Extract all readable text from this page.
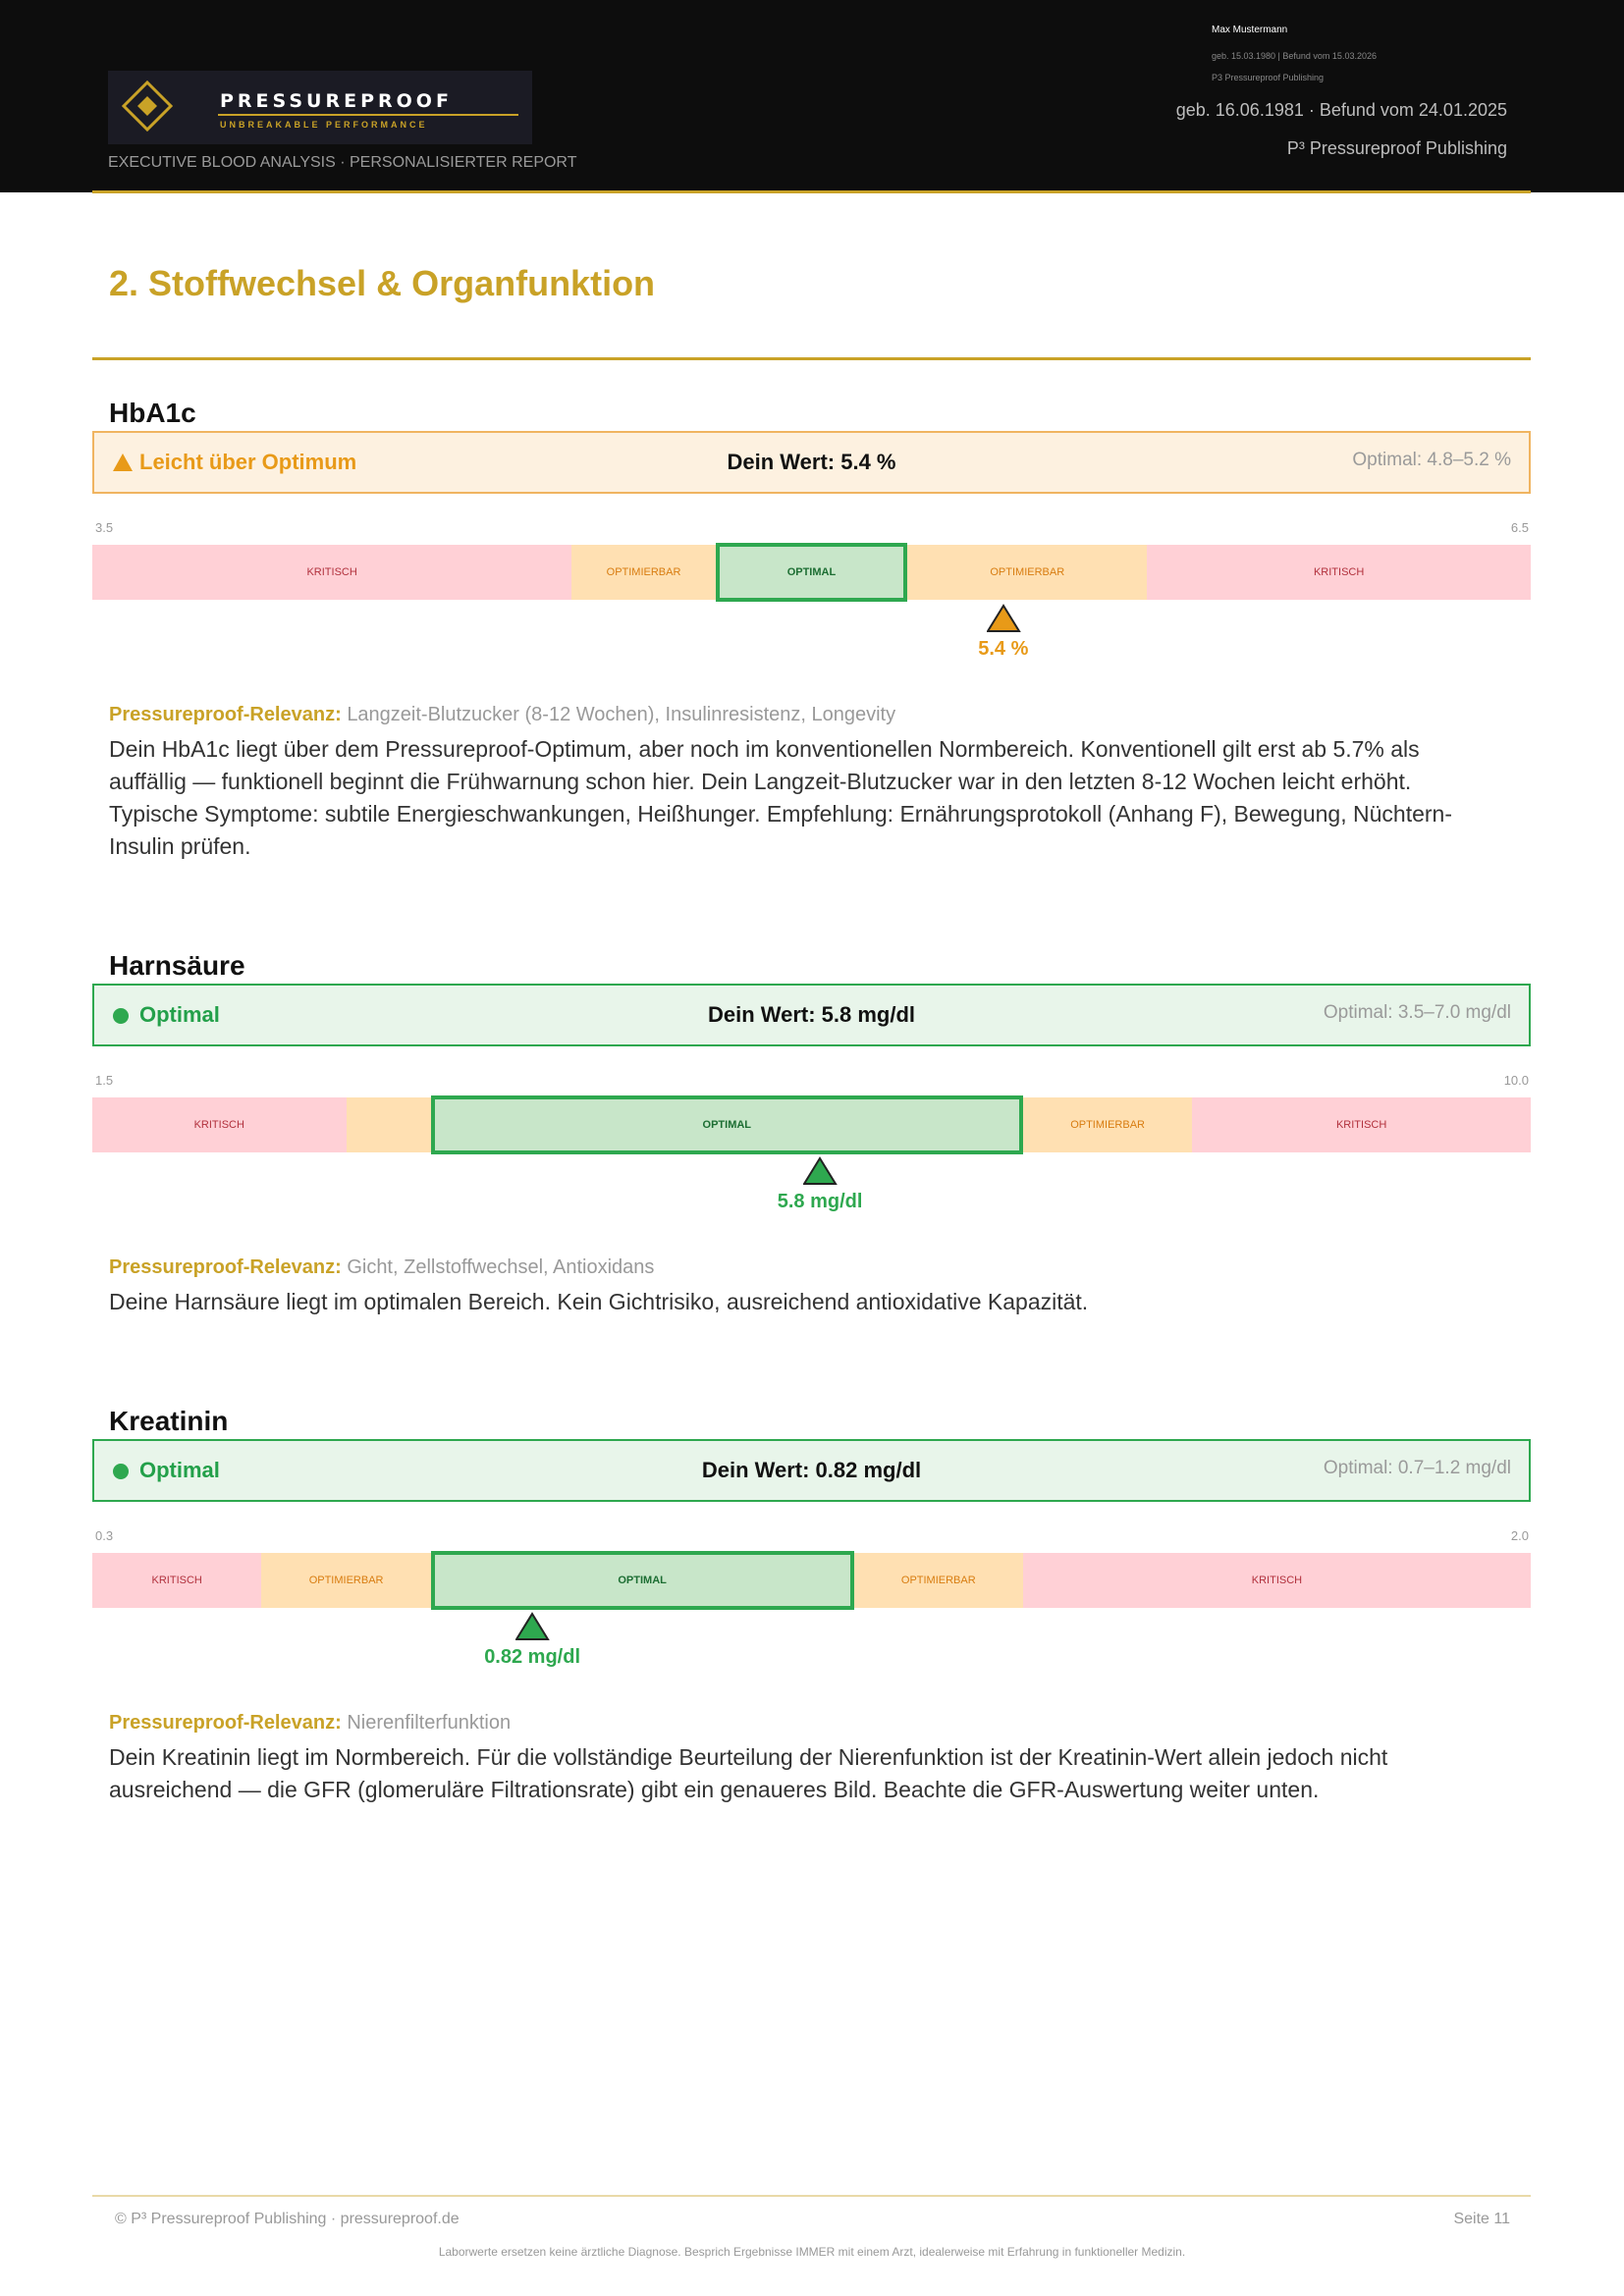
PRESSUREPROOF
UNBREAKABLE PERFORMANCE
EXECUTIVE BLOOD ANALYSIS · PERSONALISIERTER REPORT
Max Mustermann
geb. 15.03.1980 | Befund vom 15.03.2026
P3 Pressureproof Publishing
geb. 16.06.1981 · Befund vom 24.01.2025
P³ Pressureproof Publishing
2. Stoffwechsel & Organfunktion
HbA1c
Leicht über Optimum	Dein Wert: 5.4 %	Optimal: 4.8–5.2 %
3.5	6.5
KRITISCH	OPTIMIERBAR	OPTIMAL	OPTIMIERBAR	KRITISCH
5.4 %
Pressureproof-Relevanz: Langzeit-Blutzucker (8-12 Wochen), Insulinresistenz, Longevity
Dein HbA1c liegt über dem Pressureproof-Optimum, aber noch im konventionellen Normbereich. Konventionell gilt erst ab 5.7% als auffällig — funktionell beginnt die Frühwarnung schon hier. Dein Langzeit-Blutzucker war in den letzten 8-12 Wochen leicht erhöht. Typische Symptome: subtile Energieschwankungen, Heißhunger. Empfehlung: Ernährungsprotokoll (Anhang F), Bewegung, Nüchtern-Insulin prüfen.
Harnsäure
Optimal	Dein Wert: 5.8 mg/dl	Optimal: 3.5–7.0 mg/dl
1.5	10.0
KRITISCH	OPTIMAL	OPTIMIERBAR	KRITISCH
5.8 mg/dl
Pressureproof-Relevanz: Gicht, Zellstoffwechsel, Antioxidans
Deine Harnsäure liegt im optimalen Bereich. Kein Gichtrisiko, ausreichend antioxidative Kapazität.
Kreatinin
Optimal	Dein Wert: 0.82 mg/dl	Optimal: 0.7–1.2 mg/dl
0.3	2.0
KRITISCH	OPTIMIERBAR	OPTIMAL	OPTIMIERBAR	KRITISCH
0.82 mg/dl
Pressureproof-Relevanz: Nierenfilterfunktion
Dein Kreatinin liegt im Normbereich. Für die vollständige Beurteilung der Nierenfunktion ist der Kreatinin-Wert allein jedoch nicht ausreichend — die GFR (glomeruläre Filtrationsrate) gibt ein genaueres Bild. Beachte die GFR-Auswertung weiter unten.
© P³ Pressureproof Publishing · pressureproof.de	Seite 11
Laborwerte ersetzen keine ärztliche Diagnose. Besprich Ergebnisse IMMER mit einem Arzt, idealerweise mit Erfahrung in funktioneller Medizin.
